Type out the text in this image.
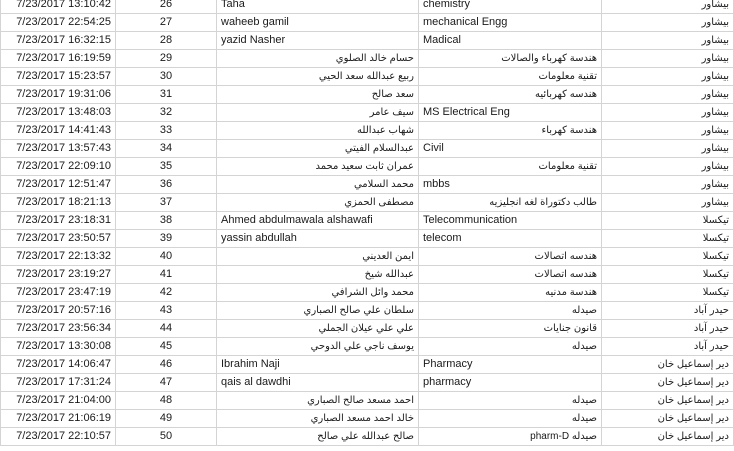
7/23/2017 13:10:42	26	Taha	chemistry	بيشاور
7/23/2017 22:54:25	27	waheeb gamil	mechanical Engg	بيشاور
7/23/2017 16:32:15	28	yazid Nasher	Madical	بيشاور
7/23/2017 16:19:59	29	حسام خالد الصلوي	هندسة كهرباء والصالات	بيشاور
7/23/2017 15:23:57	30	ربيع عبدالله سعد الحيي	تقنية معلومات	بيشاور
7/23/2017 19:31:06	31	سعد صالح	هندسه كهربائيه	بيشاور
7/23/2017 13:48:03	32	سيف عامر	MS Electrical Eng	بيشاور
7/23/2017 14:41:43	33	شهاب عبدالله	هندسة كهرباء	بيشاور
7/23/2017 13:57:43	34	عبدالسلام الفيتي	Civil	بيشاور
7/23/2017 22:09:10	35	عمران ثابت سعيد محمد	تقنية معلومات	بيشاور
7/23/2017 12:51:47	36	محمد السلامي	mbbs	بيشاور
7/23/2017 18:21:13	37	مصطفى الحمزي	طالب دكتوراة لغه انجليزيه	بيشاور
7/23/2017 23:18:31	38	Ahmed abdulmawala alshawafi	Telecommunication	تيكسلا
7/23/2017 23:50:57	39	yassin abdullah	telecom	تيكسلا
7/23/2017 22:13:32	40	ايمن العديني	هندسه اتصالات	تيكسلا
7/23/2017 23:19:27	41	عبدالله شيخ	هندسه اتصالات	تيكسلا
7/23/2017 23:47:19	42	محمد وائل الشرافي	هندسة مدنيه	تيكسلا
7/23/2017 20:57:16	43	سلطان علي صالح الصباري	صيدله	حيدر آباد
7/23/2017 23:56:34	44	علي علي عيلان الجملي	قانون جنايات	حيدر آباد
7/23/2017 13:30:08	45	يوسف ناجي علي الدوحي	صيدله	حيدر آباد
7/23/2017 14:06:47	46	Ibrahim Naji	Pharmacy	دير إسماعيل خان
7/23/2017 17:31:24	47	qais al dawdhi	pharmacy	دير إسماعيل خان
7/23/2017 21:04:00	48	احمد مسعد صالح الصباري	صيدله	دير إسماعيل خان
7/23/2017 21:06:19	49	خالد احمد مسعد الصباري	صيدله	دير إسماعيل خان
7/23/2017 22:10:57	50	صالح عبدالله علي صالح	pharm-D صيدله	دير إسماعيل خان
